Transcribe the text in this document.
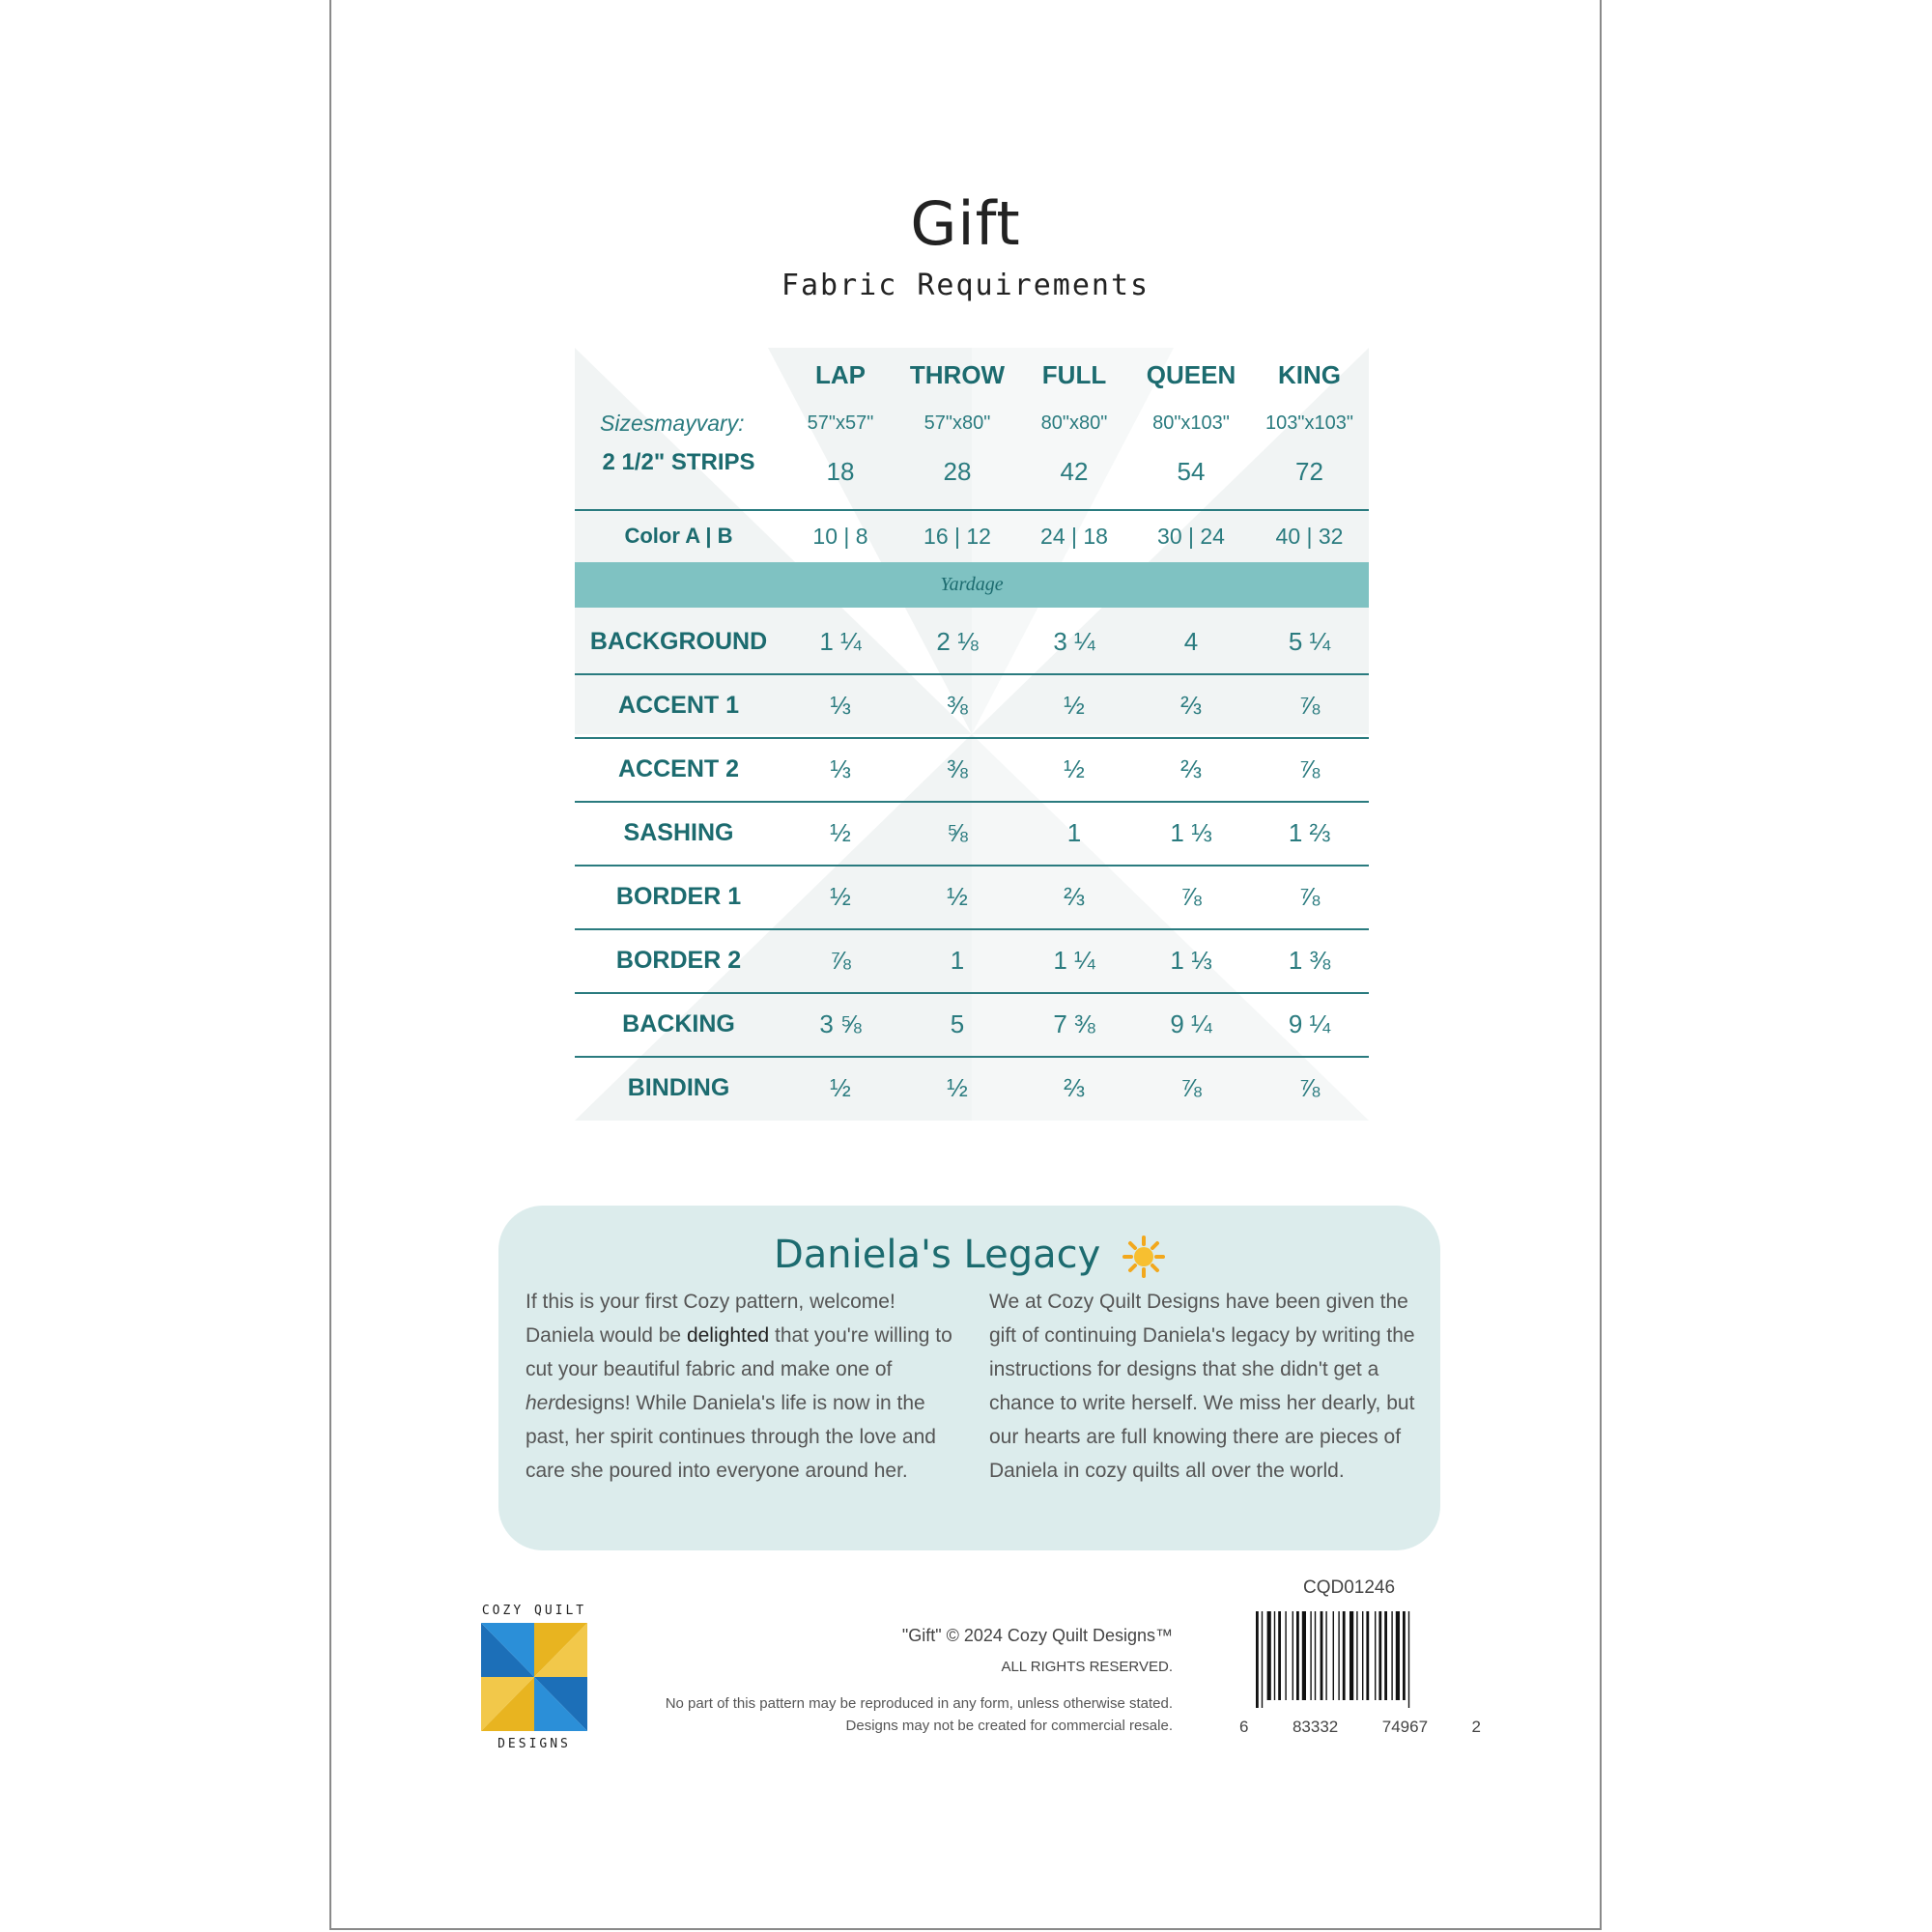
Gift
Fabric Requirements
LAP	THROW	FULL	QUEEN	KING
Sizesmayvary:	57"x57"	57"x80"	80"x80"	80"x103"	103"x103"
2 1/2" STRIPS	18	28	42	54	72
Color A | B	10 | 8	16 | 12	24 | 18	30 | 24	40 | 32
Yardage
BACKGROUND	1 ¼	2 ⅛	3 ¼	4	5 ¼
ACCENT 1	⅓	⅜	½	⅔	⅞
ACCENT 2	⅓	⅜	½	⅔	⅞
SASHING	½	⅝	1	1 ⅓	1 ⅔
BORDER 1	½	½	⅔	⅞	⅞
BORDER 2	⅞	1	1 ¼	1 ⅓	1 ⅜
BACKING	3 ⅝	5	7 ⅜	9 ¼	9 ¼
BINDING	½	½	⅔	⅞	⅞
Daniela's Legacy
If this is your first Cozy pattern, welcome! Daniela would be delighted that you're willing to cut your beautiful fabric and make one of herdesigns! While Daniela's life is now in the past, her spirit continues through the love and care she poured into everyone around her.
We at Cozy Quilt Designs have been given the gift of continuing Daniela's legacy by writing the instructions for designs that she didn't get a chance to write herself. We miss her dearly, but our hearts are full knowing there are pieces of Daniela in cozy quilts all over the world.
COZY QUILT
DESIGNS
"Gift" © 2024 Cozy Quilt Designs™
ALL RIGHTS RESERVED.
No part of this pattern may be reproduced in any form, unless otherwise stated. Designs may not be created for commercial resale.
CQD01246
6	83332	74967	2
